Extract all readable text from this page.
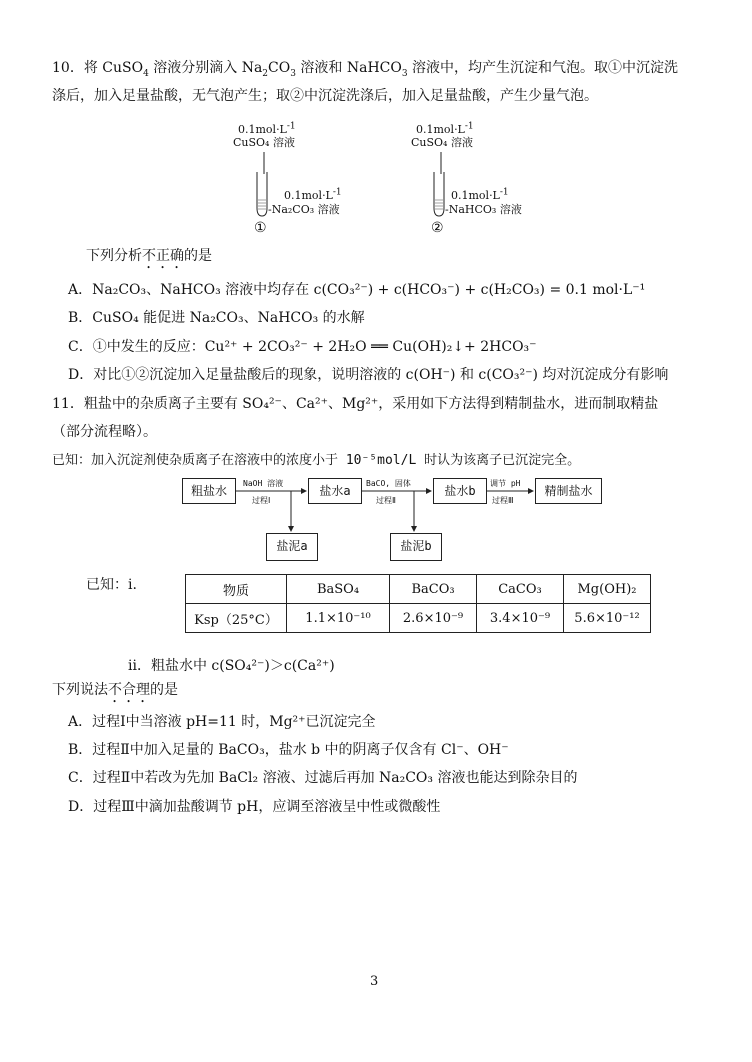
10．将 CuSO$_4$ 溶液分别滴入 $Na_2CO_3$ 溶液和 NaHCO$_3$ 溶液中，均产生沉淀和气泡。取①中沉淀洗
涤后，加入足量盐酸，无气泡产生；取②中沉淀洗涤后，加入足量盐酸，产生少量气泡。
$0.1mol\cdot L^{-1}$
CuSO₄ 溶液
$0.1mol\cdot L^{-1}$
-Na₂CO₃ 溶液
①
$0.1mol\cdot L^{-1}$
CuSO₄ 溶液
$0.1mol\cdot L^{-1}$
-NaHCO₃ 溶液
②
下列分析不正确的是
A．Na₂CO₃、NaHCO₃ 溶液中均存在 c(CO₃²⁻) + c(HCO₃⁻) + c(H₂CO₃) = 0.1 mol·L⁻¹
B．CuSO₄ 能促进 Na₂CO₃、NaHCO₃ 的水解
C．①中发生的反应：Cu²⁺ + 2CO₃²⁻ + 2H₂O ══ Cu(OH)₂↓+ 2HCO₃⁻
D．对比①②沉淀加入足量盐酸后的现象，说明溶液的 c(OH⁻) 和 c(CO₃²⁻) 均对沉淀成分有影响
11．粗盐中的杂质离子主要有 SO₄²⁻、Ca²⁺、Mg²⁺，采用如下方法得到精制盐水，进而制取精盐
（部分流程略）。
已知：加入沉淀剂使杂质离子在溶液中的浓度小于 10⁻⁵mol/L 时认为该离子已沉淀完全。
粗盐水	盐水a	盐水b	精制盐水
盐泥a	盐泥b
NaOH 溶液
过程Ⅰ
BaCO, 固体
过程Ⅱ
调节 pH
过程Ⅲ
已知：i.	物质	BaSO₄	BaCO₃	CaCO₃	Mg(OH)₂
Ksp（25°C）	1.1×10⁻¹⁰	2.6×10⁻⁹	3.4×10⁻⁹	5.6×10⁻¹²
ii．粗盐水中 c(SO₄²⁻)＞c(Ca²⁺)
下列说法不合理的是
A．过程Ⅰ中当溶液 pH=11 时，Mg²⁺已沉淀完全
B．过程Ⅱ中加入足量的 BaCO₃，盐水 b 中的阴离子仅含有 Cl⁻、OH⁻
C．过程Ⅱ中若改为先加 BaCl₂ 溶液、过滤后再加 Na₂CO₃ 溶液也能达到除杂目的
D．过程Ⅲ中滴加盐酸调节 pH，应调至溶液呈中性或微酸性
3
